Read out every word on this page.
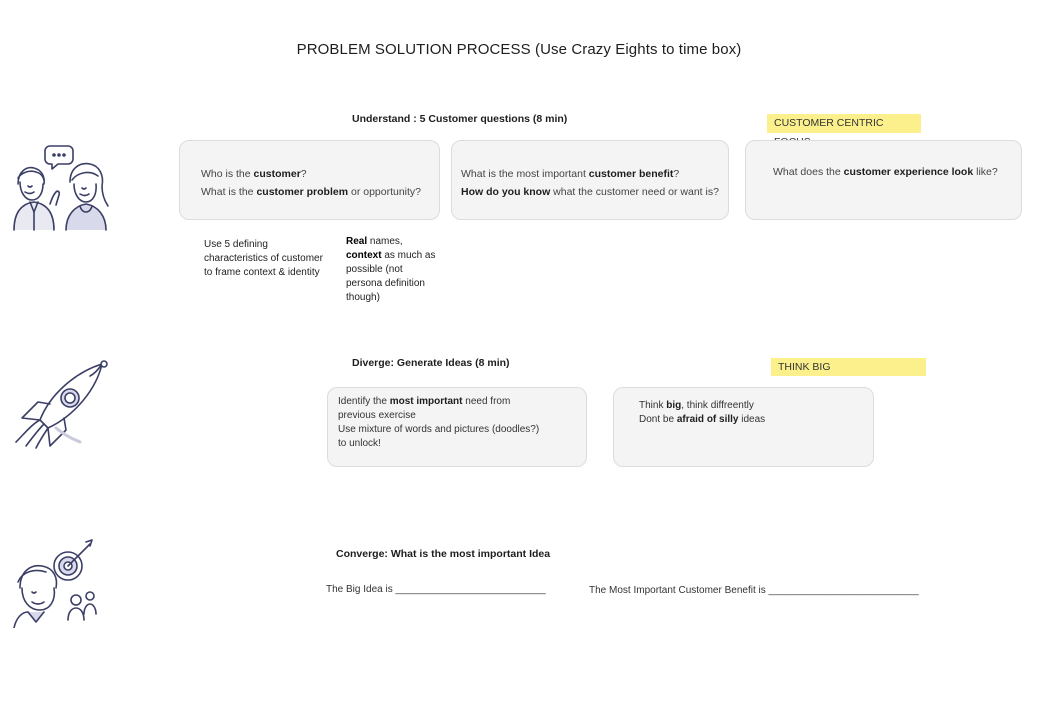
PROBLEM SOLUTION PROCESS (Use Crazy Eights to time box)
Understand : 5 Customer questions (8 min)	CUSTOMER CENTRIC
Who is the customer?
What is the customer problem or opportunity?
What is the most important customer benefit?
How do you know what the customer need or want is?
What does the customer experience look like?
Use 5 defining
characteristics of customer
to frame context & identity
Real names,
context as much as
possible (not
persona definition
though)
Diverge: Generate Ideas (8 min)	THINK BIG
Identify the most important need from
previous exercise
Use mixture of words and pictures (doodles?)
to unlock!
Think big, think diffreently
Dont be afraid of silly ideas
Converge: What is the most important Idea
The Big Idea is ___________________________	The Most Important Customer Benefit is ___________________________
